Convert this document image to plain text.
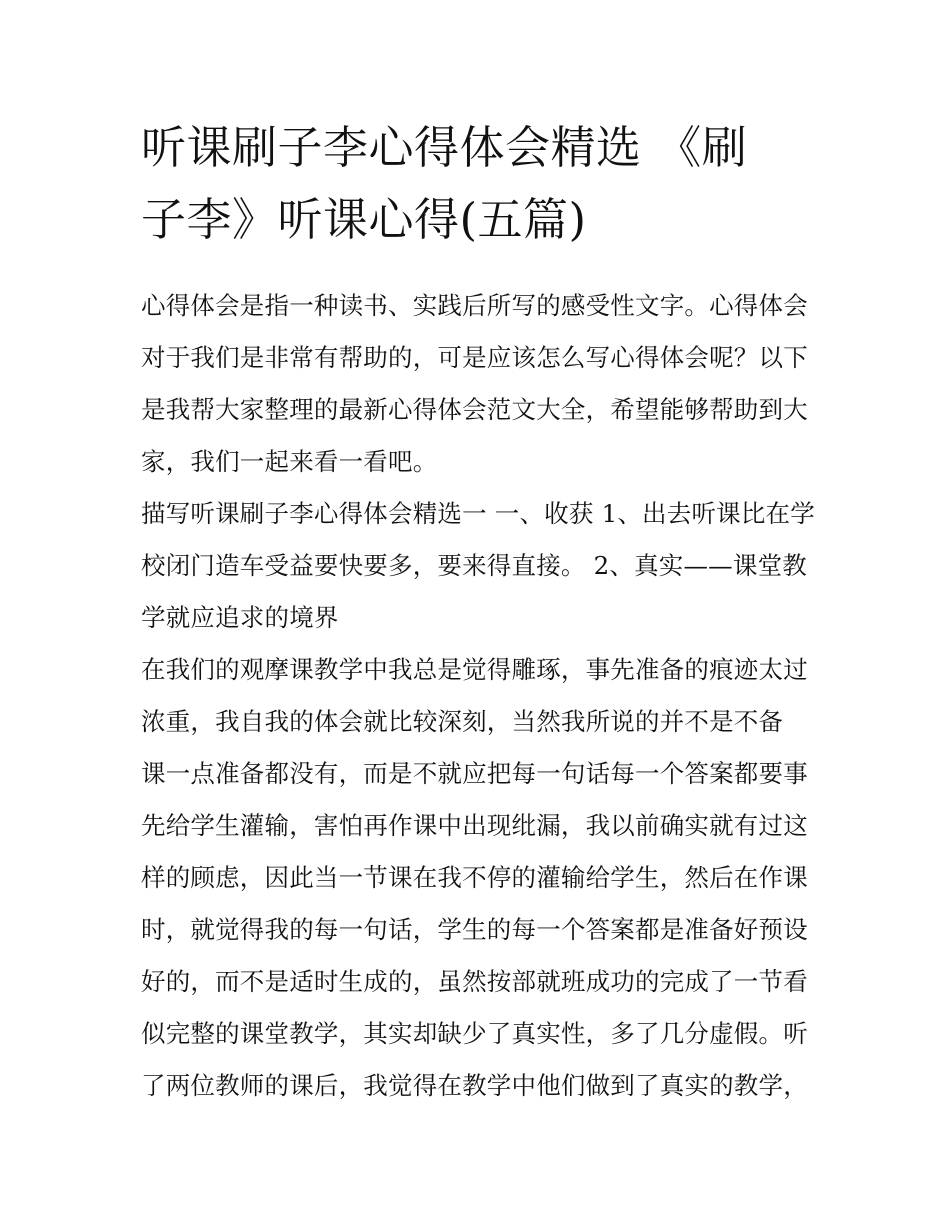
听课刷子李心得体会精选 《刷
子李》听课心得(五篇)
心得体会是指一种读书、实践后所写的感受性文字。心得体会
对于我们是非常有帮助的，可是应该怎么写心得体会呢？以下
是我帮大家整理的最新心得体会范文大全，希望能够帮助到大
家，我们一起来看一看吧。
描写听课刷子李心得体会精选一 一、收获 1、出去听课比在学
校闭门造车受益要快要多，要来得直接。 2、真实——课堂教
学就应追求的境界
在我们的观摩课教学中我总是觉得雕琢，事先准备的痕迹太过
浓重，我自我的体会就比较深刻，当然我所说的并不是不备
课一点准备都没有，而是不就应把每一句话每一个答案都要事
先给学生灌输，害怕再作课中出现纰漏，我以前确实就有过这
样的顾虑，因此当一节课在我不停的灌输给学生，然后在作课
时，就觉得我的每一句话，学生的每一个答案都是准备好预设
好的，而不是适时生成的，虽然按部就班成功的完成了一节看
似完整的课堂教学，其实却缺少了真实性，多了几分虚假。听
了两位教师的课后，我觉得在教学中他们做到了真实的教学，
